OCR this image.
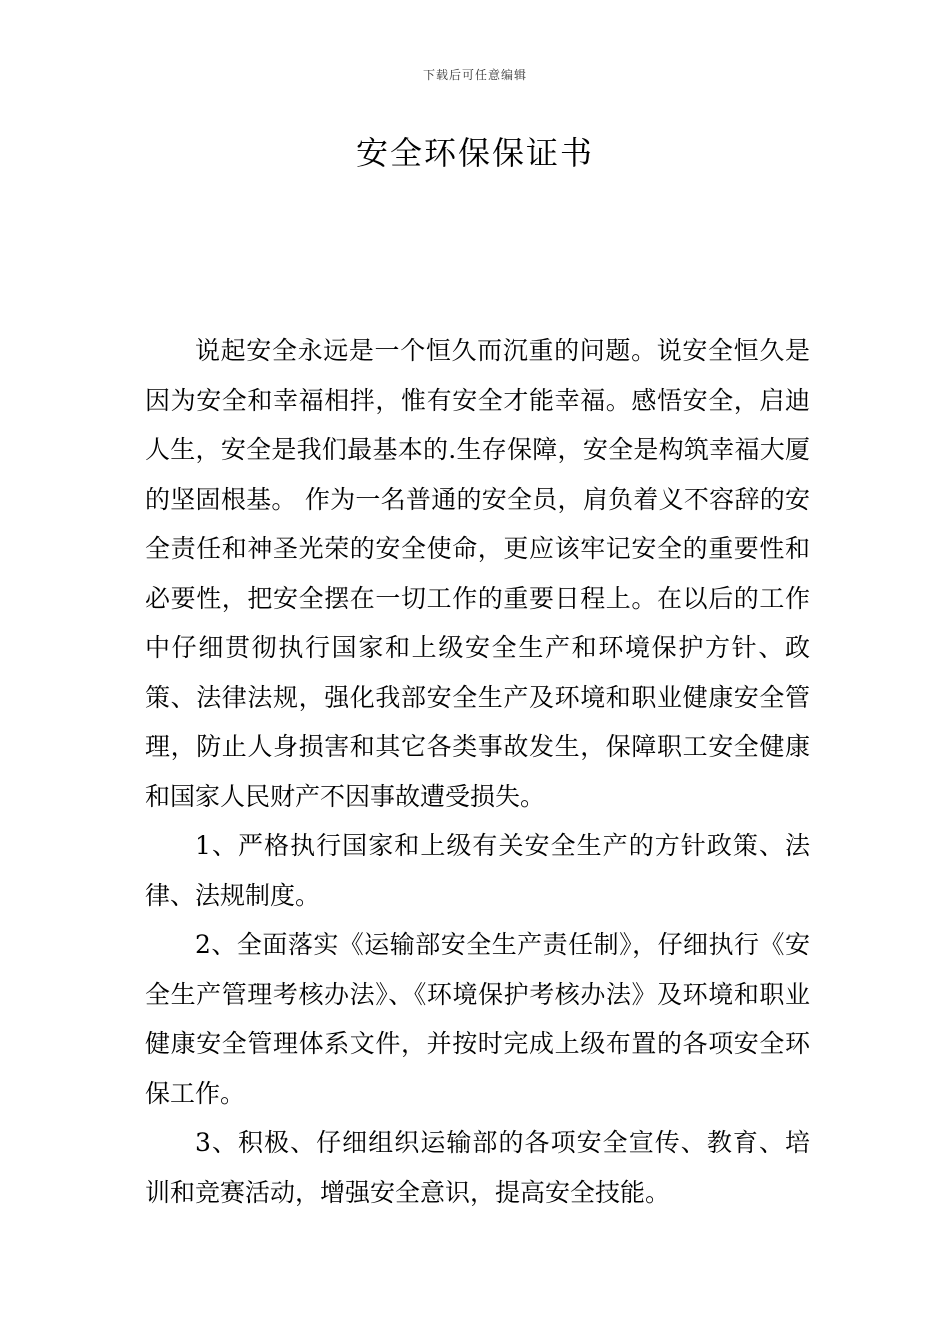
下载后可任意编辑
安全环保保证书

说起安全永远是一个恒久而沉重的问题。说安全恒久是因为安全和幸福相拌，惟有安全才能幸福。感悟安全，启迪人生，安全是我们最基本的.生存保障，安全是构筑幸福大厦的坚固根基。 作为一名普通的安全员，肩负着义不容辞的安全责任和神圣光荣的安全使命，更应该牢记安全的重要性和必要性，把安全摆在一切工作的重要日程上。在以后的工作中仔细贯彻执行国家和上级安全生产和环境保护方针、政策、法律法规，强化我部安全生产及环境和职业健康安全管理，防止人身损害和其它各类事故发生，保障职工安全健康和国家人民财产不因事故遭受损失。

1、严格执行国家和上级有关安全生产的方针政策、法律、法规制度。

2、全面落实《运输部安全生产责任制》，仔细执行《安全生产管理考核办法》、《环境保护考核办法》及环境和职业健康安全管理体系文件，并按时完成上级布置的各项安全环保工作。

3、积极、仔细组织运输部的各项安全宣传、教育、培训和竞赛活动，增强安全意识，提高安全技能。
